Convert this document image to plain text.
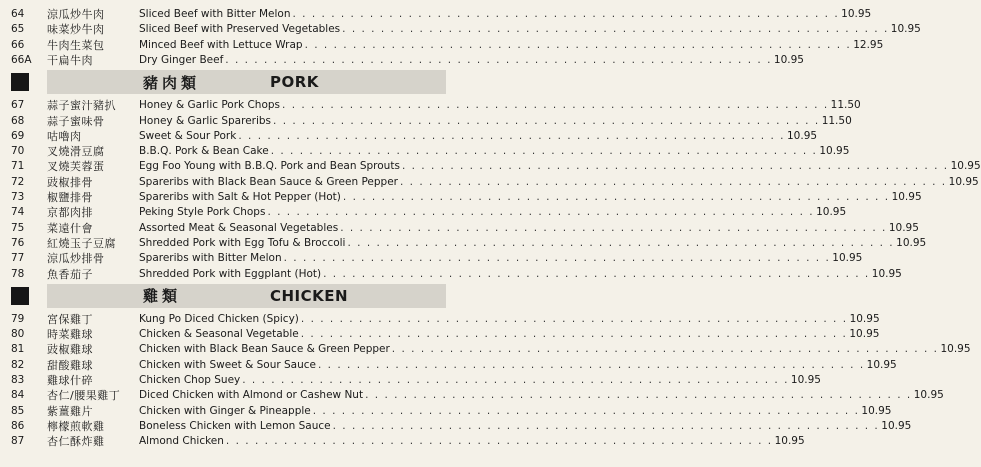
64	涼瓜炒牛肉	Sliced Beef with Bitter Melon . . . . . . . . . . . . . . . . . . . . . . . . . . . . . . . . . . . . . . . . . . . . . . . . . . . . . . . . . 10.95
65	味菜炒牛肉	Sliced Beef with Preserved Vegetables . . . . . . . . . . . . . . . . . . . . . . . . . . . . . . . . . . . . . . . . . . . . . . . . . . . . . . . . . 10.95
66	牛肉生菜包	Minced Beef with Lettuce Wrap . . . . . . . . . . . . . . . . . . . . . . . . . . . . . . . . . . . . . . . . . . . . . . . . . . . . . . . . . 12.95
66A	干扁牛肉	Dry Ginger Beef . . . . . . . . . . . . . . . . . . . . . . . . . . . . . . . . . . . . . . . . . . . . . . . . . . . . . . . . . 10.95
豬肉類	PORK
67	蒜子蜜汁豬扒	Honey & Garlic Pork Chops . . . . . . . . . . . . . . . . . . . . . . . . . . . . . . . . . . . . . . . . . . . . . . . . . . . . . . . . . 11.50
68	蒜子蜜味骨	Honey & Garlic Spareribs . . . . . . . . . . . . . . . . . . . . . . . . . . . . . . . . . . . . . . . . . . . . . . . . . . . . . . . . . 11.50
69	咕嚕肉	Sweet & Sour Pork . . . . . . . . . . . . . . . . . . . . . . . . . . . . . . . . . . . . . . . . . . . . . . . . . . . . . . . . . 10.95
70	叉燒滑豆腐	B.B.Q. Pork & Bean Cake . . . . . . . . . . . . . . . . . . . . . . . . . . . . . . . . . . . . . . . . . . . . . . . . . . . . . . . . . 10.95
71	叉燒芙蓉蛋	Egg Foo Young with B.B.Q. Pork and Bean Sprouts . . . . . . . . . . . . . . . . . . . . . . . . . . . . . . . . . . . . . . . . . . . . . . . . . . . . . . . . . 10.95
72	豉椒排骨	Spareribs with Black Bean Sauce & Green Pepper . . . . . . . . . . . . . . . . . . . . . . . . . . . . . . . . . . . . . . . . . . . . . . . . . . . . . . . . . 10.95
73	椒鹽排骨	Spareribs with Salt & Hot Pepper (Hot) . . . . . . . . . . . . . . . . . . . . . . . . . . . . . . . . . . . . . . . . . . . . . . . . . . . . . . . . . 10.95
74	京都肉排	Peking Style Pork Chops . . . . . . . . . . . . . . . . . . . . . . . . . . . . . . . . . . . . . . . . . . . . . . . . . . . . . . . . . 10.95
75	菜遠什會	Assorted Meat & Seasonal Vegetables . . . . . . . . . . . . . . . . . . . . . . . . . . . . . . . . . . . . . . . . . . . . . . . . . . . . . . . . . 10.95
76	紅燒玉子豆腐	Shredded Pork with Egg Tofu & Broccoli . . . . . . . . . . . . . . . . . . . . . . . . . . . . . . . . . . . . . . . . . . . . . . . . . . . . . . . . . 10.95
77	涼瓜炒排骨	Spareribs with Bitter Melon . . . . . . . . . . . . . . . . . . . . . . . . . . . . . . . . . . . . . . . . . . . . . . . . . . . . . . . . . 10.95
78	魚香茄子	Shredded Pork with Eggplant (Hot) . . . . . . . . . . . . . . . . . . . . . . . . . . . . . . . . . . . . . . . . . . . . . . . . . . . . . . . . . 10.95
雞類	CHICKEN
79	宮保雞丁	Kung Po Diced Chicken (Spicy) . . . . . . . . . . . . . . . . . . . . . . . . . . . . . . . . . . . . . . . . . . . . . . . . . . . . . . . . . 10.95
80	時菜雞球	Chicken & Seasonal Vegetable . . . . . . . . . . . . . . . . . . . . . . . . . . . . . . . . . . . . . . . . . . . . . . . . . . . . . . . . . 10.95
81	豉椒雞球	Chicken with Black Bean Sauce & Green Pepper . . . . . . . . . . . . . . . . . . . . . . . . . . . . . . . . . . . . . . . . . . . . . . . . . . . . . . . . . 10.95
82	甜酸雞球	Chicken with Sweet & Sour Sauce . . . . . . . . . . . . . . . . . . . . . . . . . . . . . . . . . . . . . . . . . . . . . . . . . . . . . . . . . 10.95
83	雞球什碎	Chicken Chop Suey . . . . . . . . . . . . . . . . . . . . . . . . . . . . . . . . . . . . . . . . . . . . . . . . . . . . . . . . . 10.95
84	杏仁/腰果雞丁	Diced Chicken with Almond or Cashew Nut . . . . . . . . . . . . . . . . . . . . . . . . . . . . . . . . . . . . . . . . . . . . . . . . . . . . . . . . . 10.95
85	紫薑雞片	Chicken with Ginger & Pineapple . . . . . . . . . . . . . . . . . . . . . . . . . . . . . . . . . . . . . . . . . . . . . . . . . . . . . . . . . 10.95
86	檸檬煎軟雞	Boneless Chicken with Lemon Sauce . . . . . . . . . . . . . . . . . . . . . . . . . . . . . . . . . . . . . . . . . . . . . . . . . . . . . . . . . 10.95
87	杏仁酥炸雞	Almond Chicken . . . . . . . . . . . . . . . . . . . . . . . . . . . . . . . . . . . . . . . . . . . . . . . . . . . . . . . . . 10.95
